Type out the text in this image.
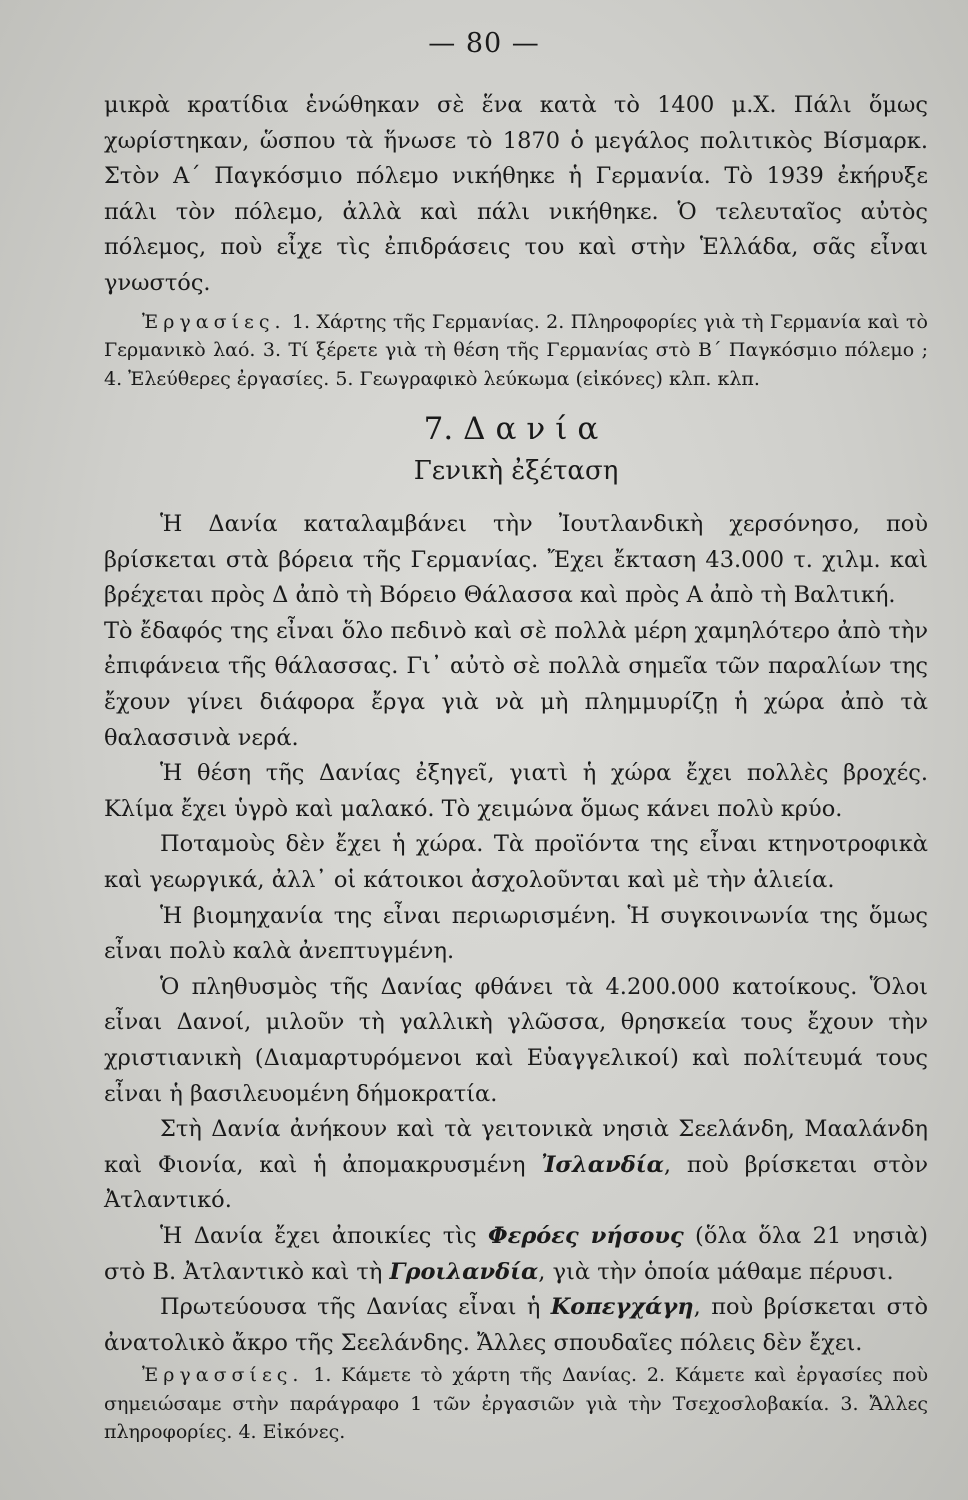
— 80 —

μικρὰ κρατίδια ἑνώθηκαν σὲ ἕνα κατὰ τὸ 1400 μ.Χ. Πάλι ὅμως χωρίστηκαν, ὥσπου τὰ ἥνωσε τὸ 1870 ὁ μεγάλος πολιτικὸς Βίσμαρκ. Στὸν Α΄ Παγκόσμιο πόλεμο νικήθηκε ἡ Γερμανία. Τὸ 1939 ἐκήρυξε πάλι τὸν πόλεμο, ἀλλὰ καὶ πάλι νικήθηκε. Ὁ τελευταῖος αὐτὸς πόλεμος, ποὺ εἶχε τὶς ἐπιδράσεις του καὶ στὴν Ἑλλάδα, σᾶς εἶναι γνωστός.

Ἐργασίες. 1. Χάρτης τῆς Γερμανίας. 2. Πληροφορίες γιὰ τὴ Γερμανία καὶ τὸ Γερμανικὸ λαό. 3. Τί ξέρετε γιὰ τὴ θέση τῆς Γερμανίας στὸ Β΄ Παγκόσμιο πόλεμο ; 4. Ἐλεύθερες ἐργασίες. 5. Γεωγραφικὸ λεύκωμα (εἰκόνες) κλπ. κλπ.

7. Δανία
Γενικὴ ἐξέταση

Ἡ Δανία καταλαμβάνει τὴν Ἰουτλανδικὴ χερσόνησο, ποὺ βρίσκεται στὰ βόρεια τῆς Γερμανίας. Ἔχει ἔκταση 43.000 τ. χιλμ. καὶ βρέχεται πρὸς Δ ἀπὸ τὴ Βόρειο Θάλασσα καὶ πρὸς Α ἀπὸ τὴ Βαλτική.

Τὸ ἔδαφός της εἶναι ὅλο πεδινὸ καὶ σὲ πολλὰ μέρη χαμηλότερο ἀπὸ τὴν ἐπιφάνεια τῆς θάλασσας. Γι᾿ αὐτὸ σὲ πολλὰ σημεῖα τῶν παραλίων της ἔχουν γίνει διάφορα ἔργα γιὰ νὰ μὴ πλημμυρίζῃ ἡ χώρα ἀπὸ τὰ θαλασσινὰ νερά.

Ἡ θέση τῆς Δανίας ἐξηγεῖ, γιατὶ ἡ χώρα ἔχει πολλὲς βροχές. Κλίμα ἔχει ὑγρὸ καὶ μαλακό. Τὸ χειμώνα ὅμως κάνει πολὺ κρύο.

Ποταμοὺς δὲν ἔχει ἡ χώρα. Τὰ προϊόντα της εἶναι κτηνοτροφικὰ καὶ γεωργικά, ἀλλ᾿ οἱ κάτοικοι ἀσχολοῦνται καὶ μὲ τὴν ἁλιεία.

Ἡ βιομηχανία της εἶναι περιωρισμένη. Ἡ συγκοινωνία της ὅμως εἶναι πολὺ καλὰ ἀνεπτυγμένη.

Ὁ πληθυσμὸς τῆς Δανίας φθάνει τὰ 4.200.000 κατοίκους. Ὅλοι εἶναι Δανοί, μιλοῦν τὴ γαλλικὴ γλῶσσα, θρησκεία τους ἔχουν τὴν χριστιανικὴ (Διαμαρτυρόμενοι καὶ Εὐαγγελικοί) καὶ πολίτευμά τους εἶναι ἡ βασιλευομένη δήμοκρατία.

Στὴ Δανία ἀνήκουν καὶ τὰ γειτονικὰ νησιὰ Σεελάνδη, Μααλάνδη καὶ Φιονία, καὶ ἡ ἀπομακρυσμένη Ἰσλανδία, ποὺ βρίσκεται στὸν Ἀτλαντικό.

Ἡ Δανία ἔχει ἀποικίες τὶς Φερόες νήσους (ὅλα ὅλα 21 νησιὰ) στὸ Β. Ἀτλαντικὸ καὶ τὴ Γροιλανδία, γιὰ τὴν ὁποία μάθαμε πέρυσι.

Πρωτεύουσα τῆς Δανίας εἶναι ἡ Κοπεγχάγη, ποὺ βρίσκεται στὸ ἀνατολικὸ ἄκρο τῆς Σεελάνδης. Ἄλλες σπουδαῖες πόλεις δὲν ἔχει.

Ἐργασσίες. 1. Κάμετε τὸ χάρτη τῆς Δανίας. 2. Κάμετε καὶ ἐργασίες ποὺ σημειώσαμε στὴν παράγραφο 1 τῶν ἐργασιῶν γιὰ τὴν Τσεχοσλοβακία. 3. Ἄλλες πληροφορίες. 4. Εἰκόνες.
